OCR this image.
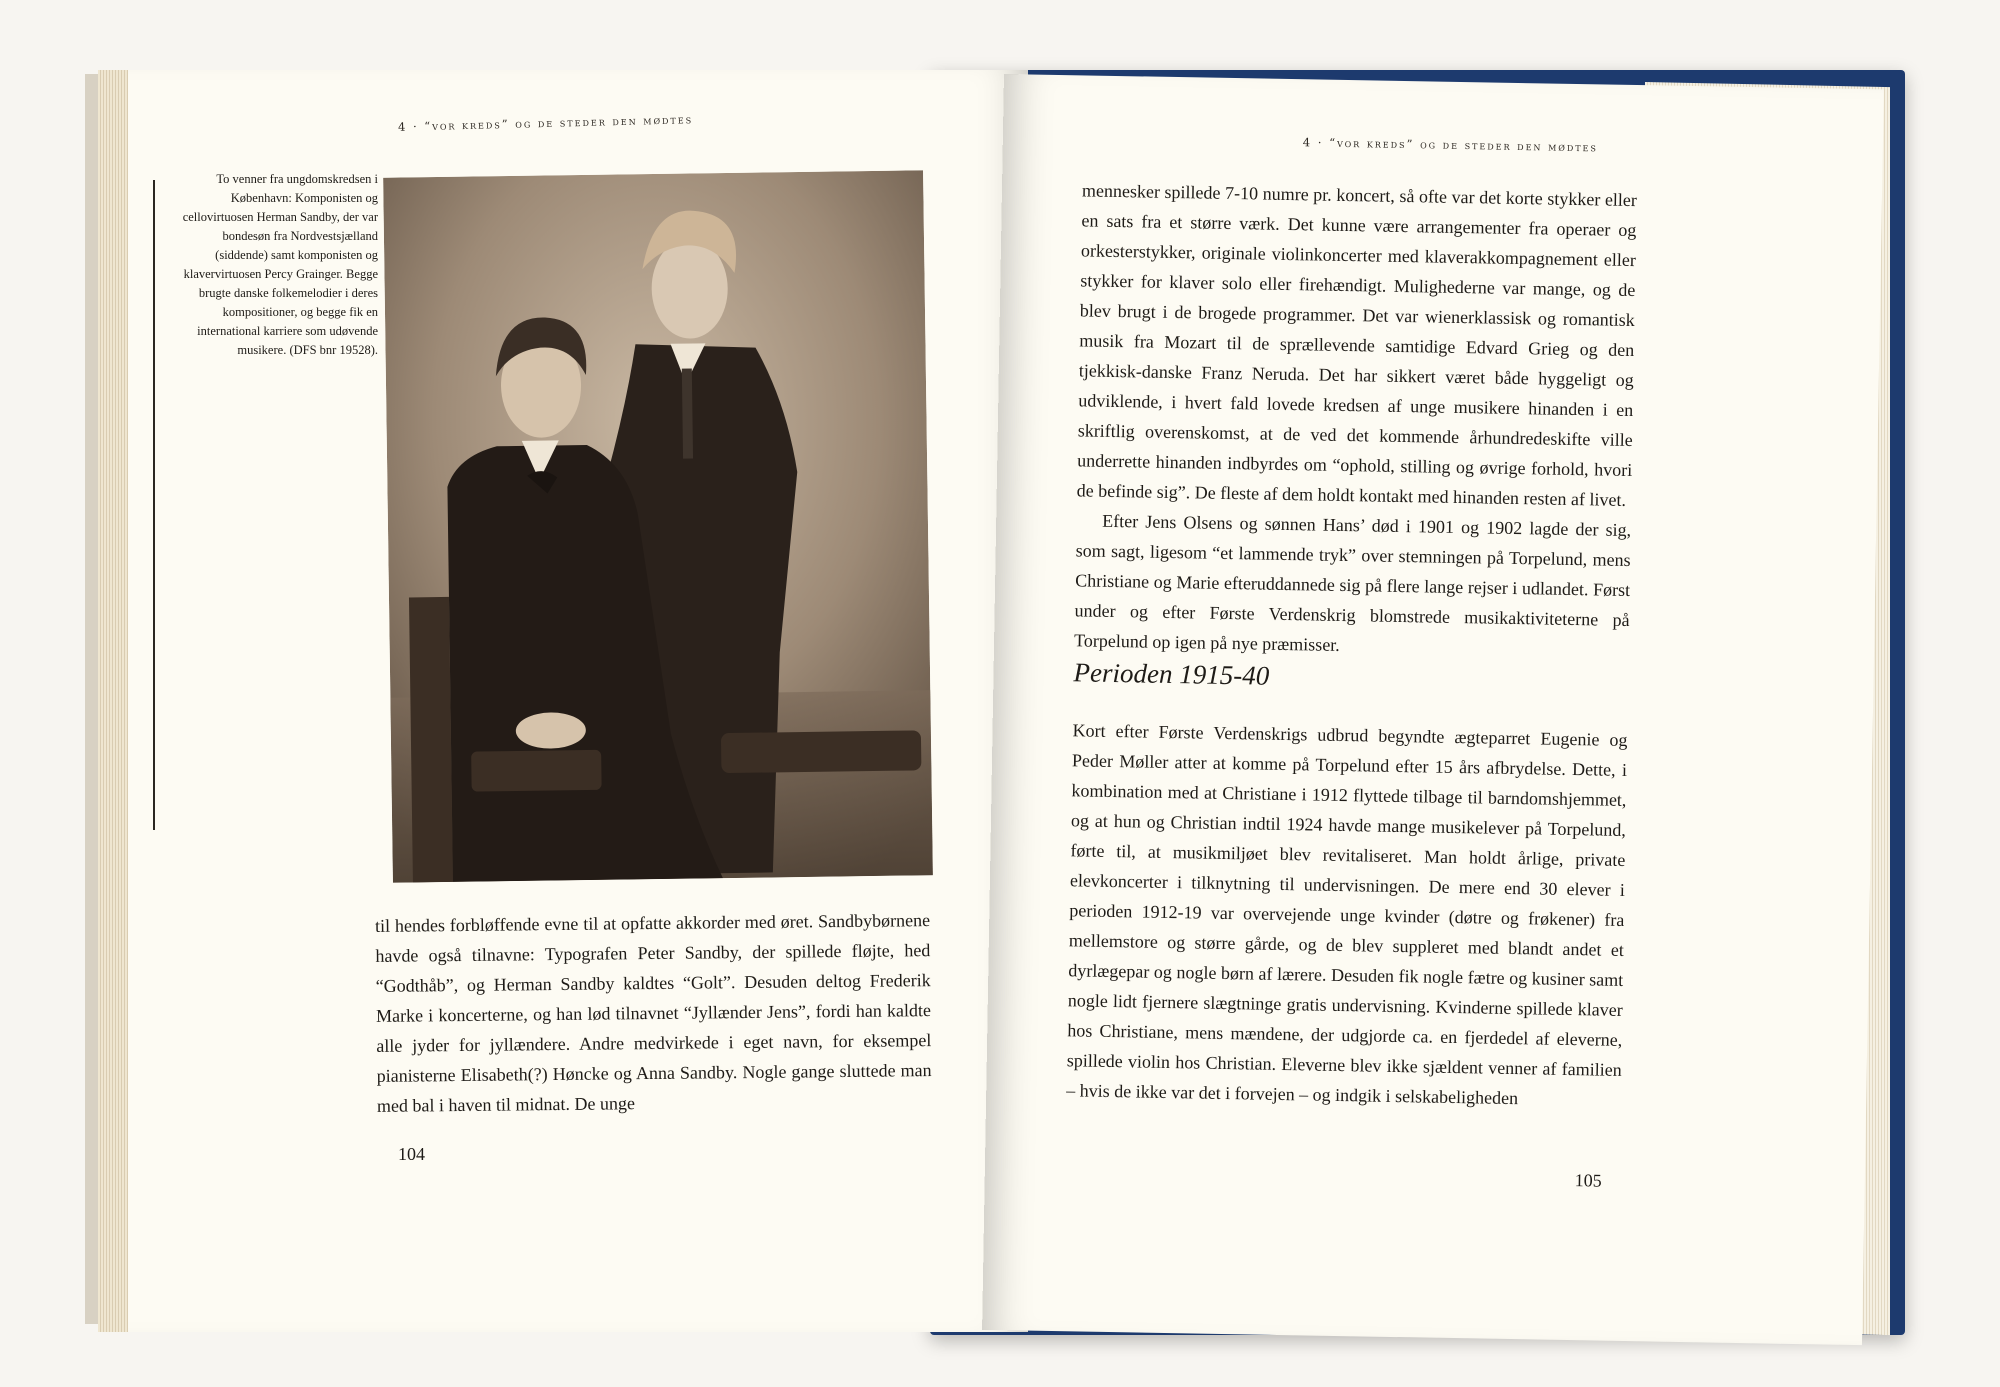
4 · “vor kreds” og de steder den mødtes
To venner fra ungdomskredsen i København: Komponisten og cellovirtuosen Herman Sandby, der var bondesøn fra Nordvestsjælland (siddende) samt komponisten og klavervirtuosen Percy Grainger. Begge brugte danske folkemelodier i deres kompositioner, og begge fik en international karriere som udøvende musikere. (DFS bnr 19528).

til hendes forbløffende evne til at opfatte akkorder med øret. Sandbybørnene havde også tilnavne: Typografen Peter Sandby, der spillede fløjte, hed “Godthåb”, og Herman Sandby kaldtes “Golt”. Desuden deltog Frederik Marke i koncerterne, og han lød tilnavnet “Jyllænder Jens”, fordi han kaldte alle jyder for jyllændere. Andre medvirkede i eget navn, for eksempel pianisterne Elisabeth(?) Hønckе og Anna Sandby. Nogle gange sluttede man med bal i haven til midnat. De unge

104
4 · “vor kreds” og de steder den mødtes

mennesker spillede 7-10 numre pr. koncert, så ofte var det korte stykker eller en sats fra et større værk. Det kunne være arrangementer fra operaer og orkesterstykker, originale violinkoncerter med klaverakkompagnement eller stykker for klaver solo eller firehændigt. Mulighederne var mange, og de blev brugt i de brogede programmer. Det var wienerklassisk og romantisk musik fra Mozart til de sprællevende samtidige Edvard Grieg og den tjekkisk-danske Franz Neruda. Det har sikkert været både hyggeligt og udviklende, i hvert fald lovede kredsen af unge musikere hinanden i en skriftlig overenskomst, at de ved det kommende århundredeskifte ville underrette hinanden indbyrdes om “ophold, stilling og øvrige forhold, hvori de befinde sig”. De fleste af dem holdt kontakt med hinanden resten af livet.

Efter Jens Olsens og sønnen Hans’ død i 1901 og 1902 lagde der sig, som sagt, ligesom “et lammende tryk” over stemningen på Torpelund, mens Christiane og Marie efteruddannede sig på flere lange rejser i udlandet. Først under og efter Første Verdenskrig blomstrede musikaktiviteterne på Torpelund op igen på nye præmisser.

Perioden 1915-40

Kort efter Første Verdenskrigs udbrud begyndte ægteparret Eugenie og Peder Møller atter at komme på Torpelund efter 15 års afbrydelse. Dette, i kombination med at Christiane i 1912 flyttede tilbage til barndomshjemmet, og at hun og Christian indtil 1924 havde mange musikelever på Torpelund, førte til, at musikmiljøet blev revitaliseret. Man holdt årlige, private elevkoncerter i tilknytning til undervisningen. De mere end 30 elever i perioden 1912-19 var overvejende unge kvinder (døtre og frøkener) fra mellemstore og større gårde, og de blev suppleret med blandt andet et dyrlægepar og nogle børn af lærere. Desuden fik nogle fætre og kusiner samt nogle lidt fjernere slægtninge gratis undervisning. Kvinderne spillede klaver hos Christiane, mens mændene, der udgjorde ca. en fjerdedel af eleverne, spillede violin hos Christian. Eleverne blev ikke sjældent venner af familien – hvis de ikke var det i forvejen – og indgik i selskabeligheden

105
